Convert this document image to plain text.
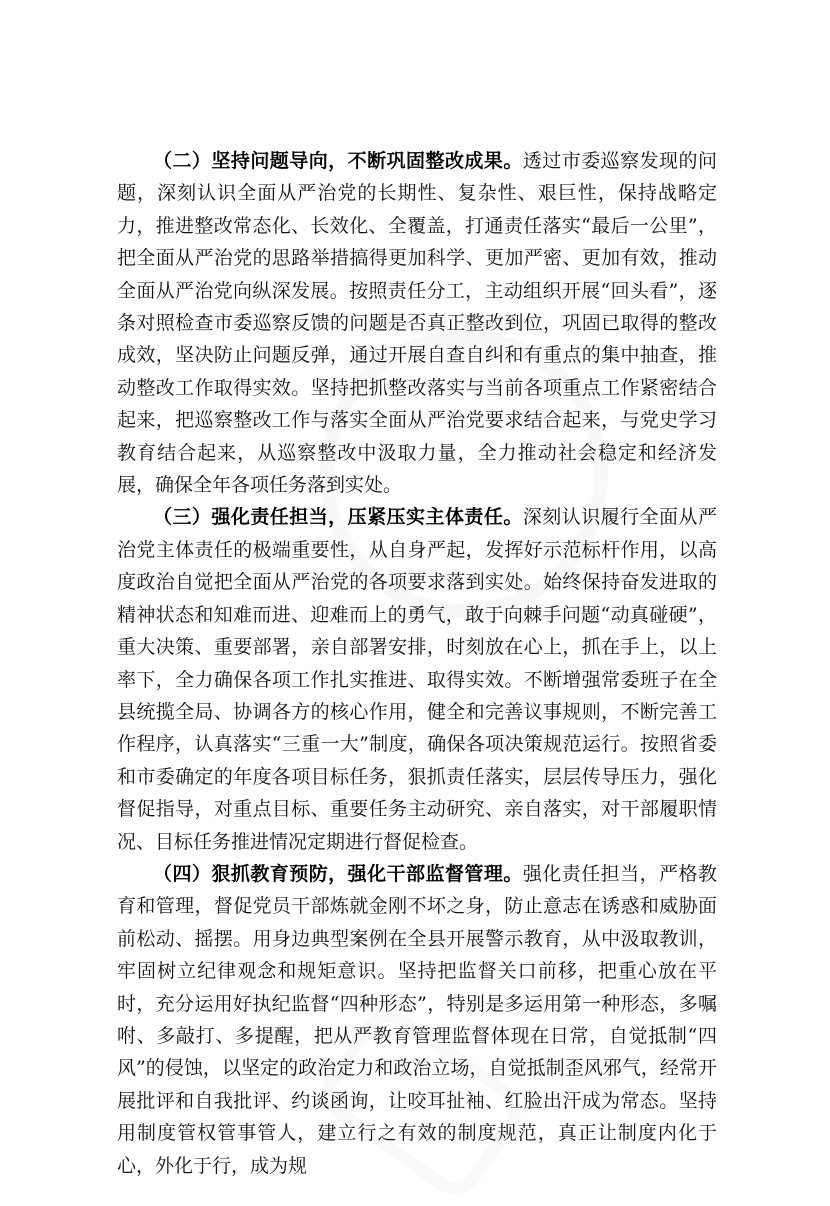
（二）坚持问题导向，不断巩固整改成果。透过市委巡察发现的问题，深刻认识全面从严治党的长期性、复杂性、艰巨性，保持战略定力，推进整改常态化、长效化、全覆盖，打通责任落实“最后一公里”，把全面从严治党的思路举措搞得更加科学、更加严密、更加有效，推动全面从严治党向纵深发展。按照责任分工，主动组织开展“回头看”，逐条对照检查市委巡察反馈的问题是否真正整改到位，巩固已取得的整改成效，坚决防止问题反弹，通过开展自查自纠和有重点的集中抽查，推动整改工作取得实效。坚持把抓整改落实与当前各项重点工作紧密结合起来，把巡察整改工作与落实全面从严治党要求结合起来，与党史学习教育结合起来，从巡察整改中汲取力量，全力推动社会稳定和经济发展，确保全年各项任务落到实处。

（三）强化责任担当，压紧压实主体责任。深刻认识履行全面从严治党主体责任的极端重要性，从自身严起，发挥好示范标杆作用，以高度政治自觉把全面从严治党的各项要求落到实处。始终保持奋发进取的精神状态和知难而进、迎难而上的勇气，敢于向棘手问题“动真碰硬”，重大决策、重要部署，亲自部署安排，时刻放在心上，抓在手上，以上率下，全力确保各项工作扎实推进、取得实效。不断增强常委班子在全县统揽全局、协调各方的核心作用，健全和完善议事规则，不断完善工作程序，认真落实“三重一大”制度，确保各项决策规范运行。按照省委和市委确定的年度各项目标任务，狠抓责任落实，层层传导压力，强化督促指导，对重点目标、重要任务主动研究、亲自落实，对干部履职情况、目标任务推进情况定期进行督促检查。

（四）狠抓教育预防，强化干部监督管理。强化责任担当，严格教育和管理，督促党员干部炼就金刚不坏之身，防止意志在诱惑和威胁面前松动、摇摆。用身边典型案例在全县开展警示教育，从中汲取教训，牢固树立纪律观念和规矩意识。坚持把监督关口前移，把重心放在平时，充分运用好执纪监督“四种形态”，特别是多运用第一种形态，多嘱咐、多敲打、多提醒，把从严教育管理监督体现在日常，自觉抵制“四风”的侵蚀，以坚定的政治定力和政治立场，自觉抵制歪风邪气，经常开展批评和自我批评、约谈函询，让咬耳扯袖、红脸出汗成为常态。坚持用制度管权管事管人，建立行之有效的制度规范，真正让制度内化于心，外化于行，成为规
